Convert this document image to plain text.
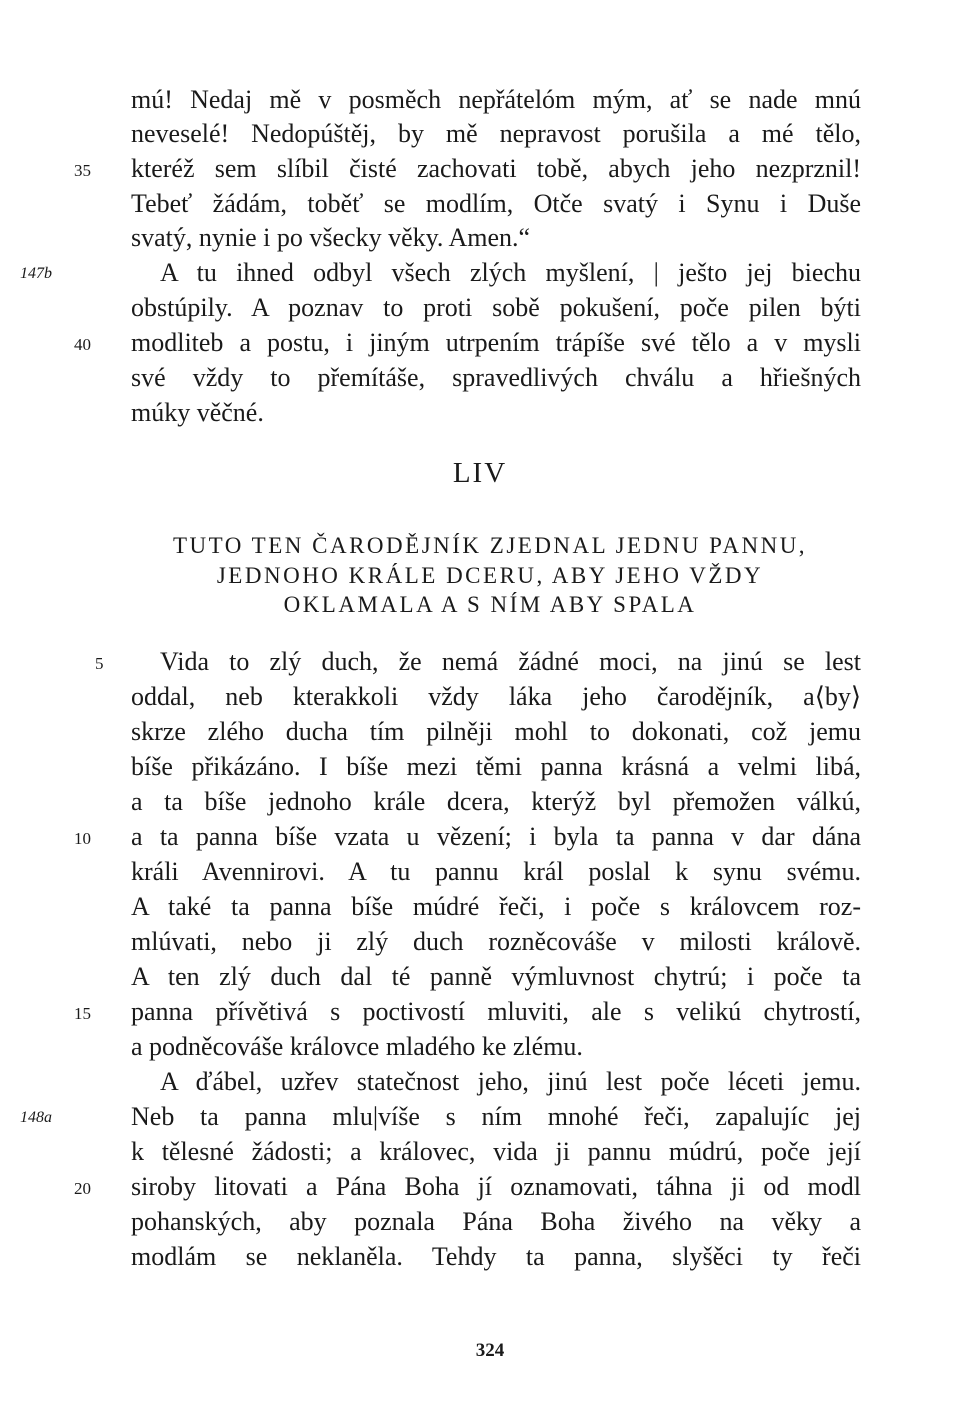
mú! Nedaj mě v posměch nepřátelóm mým, ať se nade mnú
neveselé! Nedopúštěj, by mě nepravost porušila a mé tělo,
kteréž sem slíbil čisté zachovati tobě, abych jeho nezprznil!
Tebeť žádám, toběť se modlím, Otče svatý i Synu i Duše
svatý, nynie i po všecky věky. Amen.“
A tu ihned odbyl všech zlých myšlení, | ješto jej biechu
obstúpily. A poznav to proti sobě pokušení, poče pilen býti
modliteb a postu, i jiným utrpením trápíše své tělo a v mysli
své vždy to přemítáše, spravedlivých chválu a hřiešných
múky věčné.
35
147b
40
LIV
TUTO TEN ČARODĚJNÍK ZJEDNAL JEDNU PANNU,
JEDNOHO KRÁLE DCERU, ABY JEHO VŽDY
OKLAMALA A S NÍM ABY SPALA
Vida to zlý duch, že nemá žádné moci, na jinú se lest
oddal, neb kterakkoli vždy láka jeho čarodějník, a⟨by⟩
skrze zlého ducha tím pilněji mohl to dokonati, což jemu
bíše přikázáno. I bíše mezi těmi panna krásná a velmi libá,
a ta bíše jednoho krále dcera, kterýž byl přemožen válkú,
a ta panna bíše vzata u vězení; i byla ta panna v dar dána
králi Avennirovi. A tu pannu král poslal k synu svému.
A také ta panna bíše múdré řeči, i poče s královcem roz-
mlúvati, nebo ji zlý duch rozněcováše v milosti královĕ.
A ten zlý duch dal té panně výmluvnost chytrú; i poče ta
panna přívětivá s poctivostí mluviti, ale s velikú chytrostí,
a podněcováše královce mladého ke zlému.
A ďábel, uzřev statečnost jeho, jinú lest poče léceti jemu.
Neb ta panna mlu|víše s ním mnohé řeči, zapalujíc jej
k tělesné žádosti; a královec, vida ji pannu múdrú, poče její
siroby litovati a Pána Boha jí oznamovati, táhna ji od modl
pohanských, aby poznala Pána Boha živého na věky a
modlám se neklaněla. Tehdy ta panna, slyšěci ty řeči
5
10
15
148a
20
324
